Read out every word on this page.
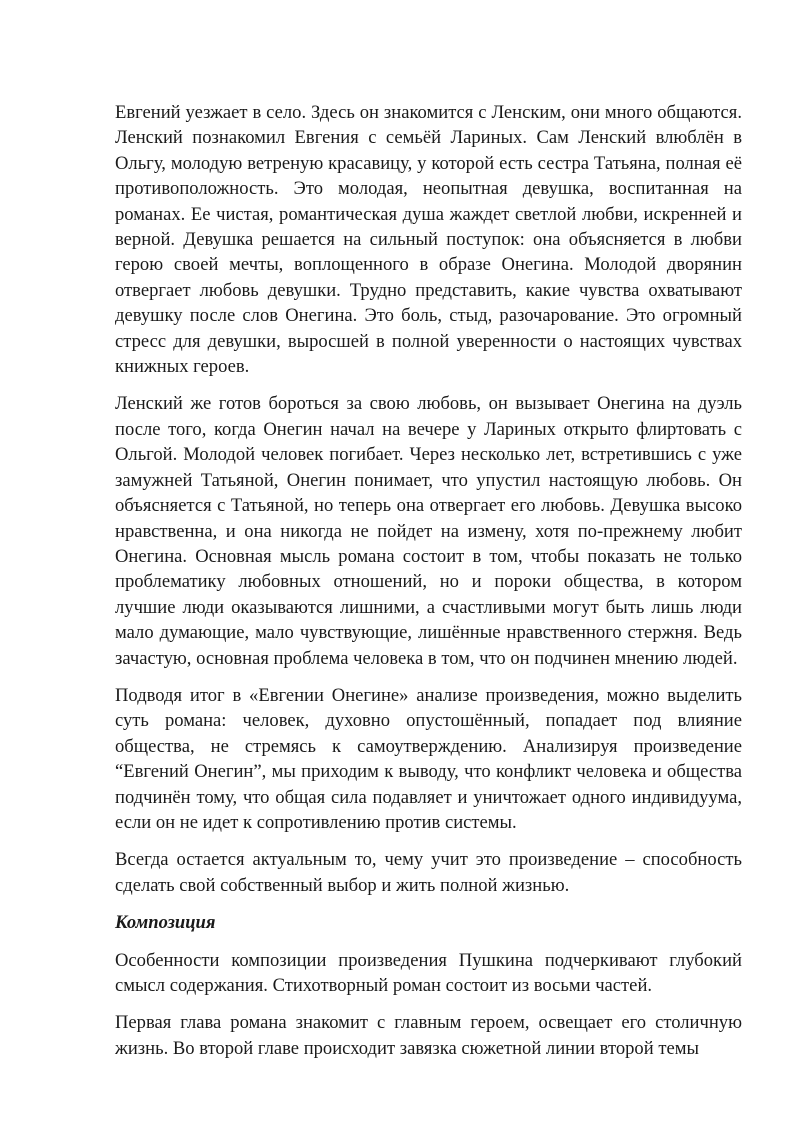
Евгений уезжает в село. Здесь он знакомится с Ленским, они много общаются. Ленский познакомил Евгения с семьёй Лариных. Сам Ленский влюблён в Ольгу, молодую ветреную красавицу, у которой есть сестра Татьяна, полная её противоположность. Это молодая, неопытная девушка, воспитанная на романах. Ее чистая, романтическая душа жаждет светлой любви, искренней и верной. Девушка решается на сильный поступок: она объясняется в любви герою своей мечты, воплощенного в образе Онегина. Молодой дворянин отвергает любовь девушки. Трудно представить, какие чувства охватывают девушку после слов Онегина. Это боль, стыд, разочарование. Это огромный стресс для девушки, выросшей в полной уверенности о настоящих чувствах книжных героев.

Ленский же готов бороться за свою любовь, он вызывает Онегина на дуэль после того, когда Онегин начал на вечере у Лариных открыто флиртовать с Ольгой. Молодой человек погибает. Через несколько лет, встретившись с уже замужней Татьяной, Онегин понимает, что упустил настоящую любовь. Он объясняется с Татьяной, но теперь она отвергает его любовь. Девушка высоко нравственна, и она никогда не пойдет на измену, хотя по-прежнему любит Онегина. Основная мысль романа состоит в том, чтобы показать не только проблематику любовных отношений, но и пороки общества, в котором лучшие люди оказываются лишними, а счастливыми могут быть лишь люди мало думающие, мало чувствующие, лишённые нравственного стержня. Ведь зачастую, основная проблема человека в том, что он подчинен мнению людей.

Подводя итог в «Евгении Онегине» анализе произведения, можно выделить суть романа: человек, духовно опустошённый, попадает под влияние общества, не стремясь к самоутверждению. Анализируя произведение “Евгений Онегин”, мы приходим к выводу, что конфликт человека и общества подчинён тому, что общая сила подавляет и уничтожает одного индивидуума, если он не идет к сопротивлению против системы.

Всегда остается актуальным то, чему учит это произведение – способность сделать свой собственный выбор и жить полной жизнью.

Композиция

Особенности композиции произведения Пушкина подчеркивают глубокий смысл содержания. Стихотворный роман состоит из восьми частей.

Первая глава романа знакомит с главным героем, освещает его столичную жизнь. Во второй главе происходит завязка сюжетной линии второй темы
